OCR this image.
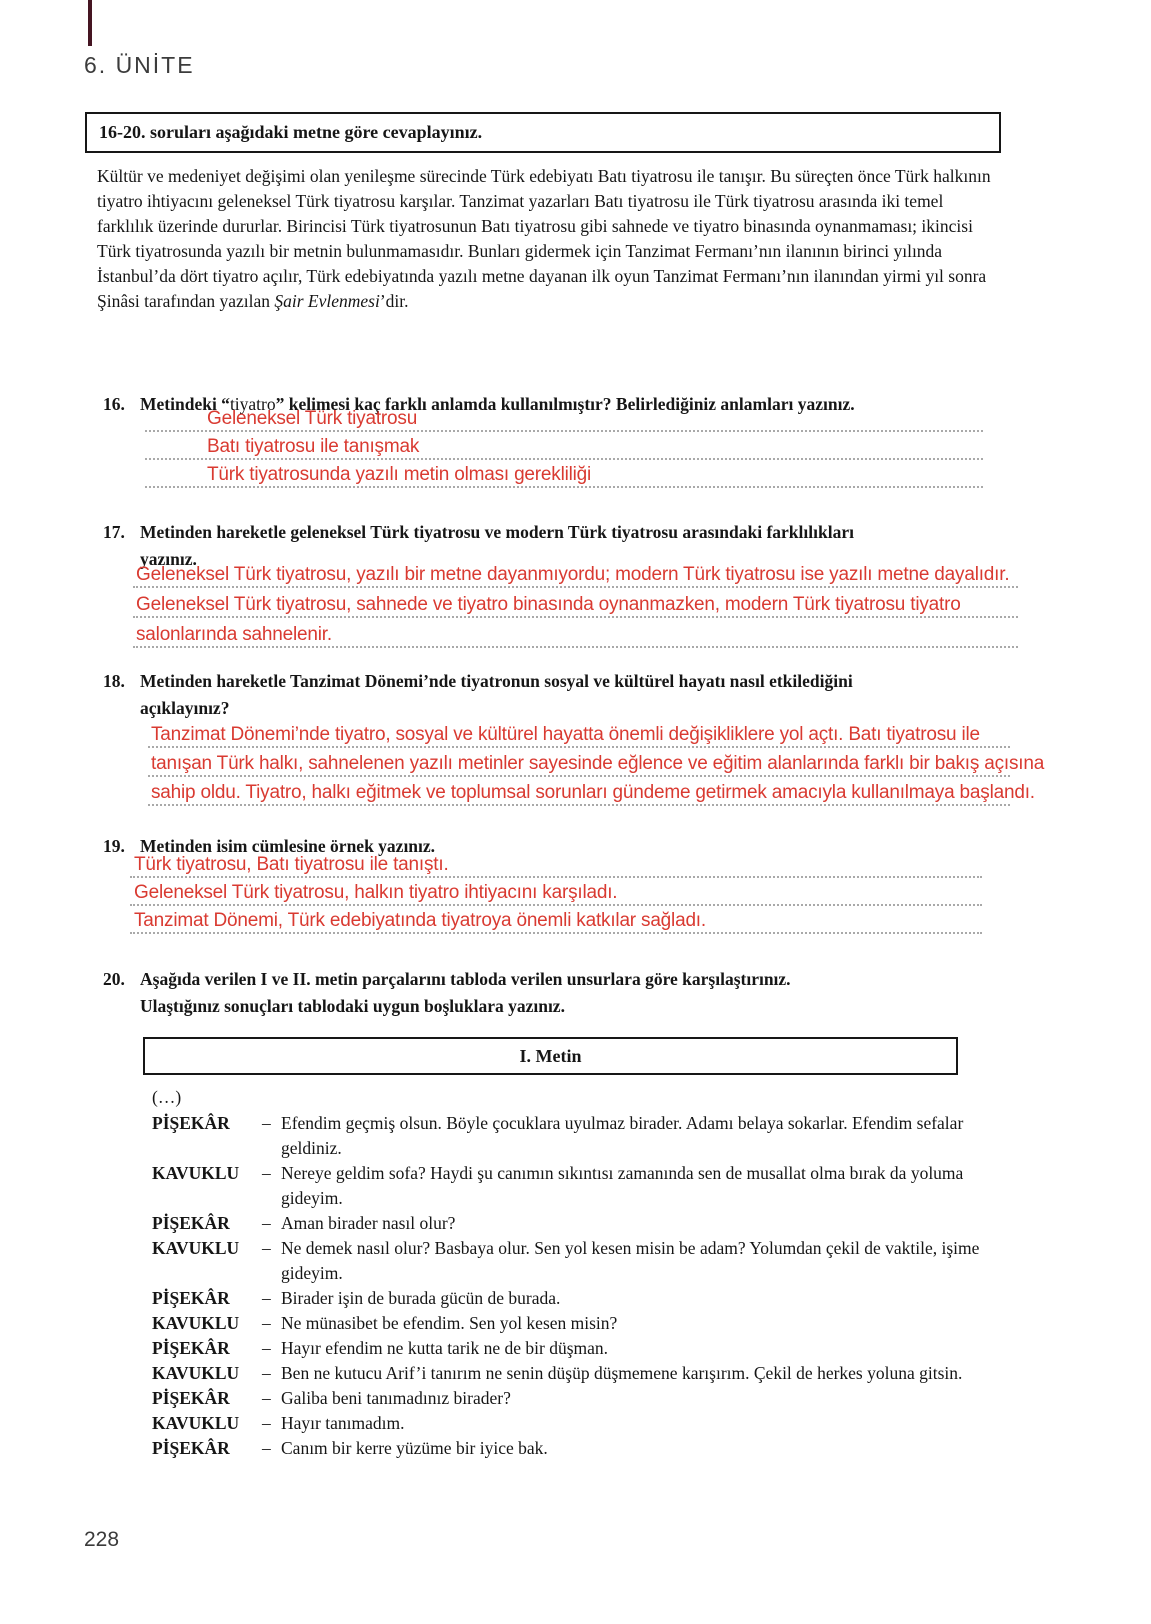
6. ÜNİTE
16-20. soruları aşağıdaki metne göre cevaplayınız.

Kültür ve medeniyet değişimi olan yenileşme sürecinde Türk edebiyatı Batı tiyatrosu ile tanışır. Bu süreçten önce Türk halkının tiyatro ihtiyacını geleneksel Türk tiyatrosu karşılar. Tanzimat yazarları Batı tiyatrosu ile Türk tiyatrosu arasında iki temel farklılık üzerinde dururlar. Birincisi Türk tiyatrosunun Batı tiyatrosu gibi sahnede ve tiyatro binasında oynanmaması; ikincisi Türk tiyatrosunda yazılı bir metnin bulunmamasıdır. Bunları gidermek için Tanzimat Fermanı’nın ilanının birinci yılında İstanbul’da dört tiyatro açılır, Türk edebiyatında yazılı metne dayanan ilk oyun Tanzimat Fermanı’nın ilanından yirmi yıl sonra Şinâsi tarafından yazılan Şair Evlenmesi’dir.

16. Metindeki “tiyatro” kelimesi kaç farklı anlamda kullanılmıştır? Belirlediğiniz anlamları yazınız.
Geleneksel Türk tiyatrosu
Batı tiyatrosu ile tanışmak
Türk tiyatrosunda yazılı metin olması gerekliliği
17. Metinden hareketle geleneksel Türk tiyatrosu ve modern Türk tiyatrosu arasındaki farklılıkları
yazınız.
Geleneksel Türk tiyatrosu, yazılı bir metne dayanmıyordu; modern Türk tiyatrosu ise yazılı metne dayalıdır.
Geleneksel Türk tiyatrosu, sahnede ve tiyatro binasında oynanmazken, modern Türk tiyatrosu tiyatro
salonlarında sahnelenir.
18. Metinden hareketle Tanzimat Dönemi’nde tiyatronun sosyal ve kültürel hayatı nasıl etkilediğini
açıklayınız?
Tanzimat Dönemi’nde tiyatro, sosyal ve kültürel hayatta önemli değişikliklere yol açtı. Batı tiyatrosu ile
tanışan Türk halkı, sahnelenen yazılı metinler sayesinde eğlence ve eğitim alanlarında farklı bir bakış açısına
sahip oldu. Tiyatro, halkı eğitmek ve toplumsal sorunları gündeme getirmek amacıyla kullanılmaya başlandı.
19. Metinden isim cümlesine örnek yazınız.
Türk tiyatrosu, Batı tiyatrosu ile tanıştı.
Geleneksel Türk tiyatrosu, halkın tiyatro ihtiyacını karşıladı.
Tanzimat Dönemi, Türk edebiyatında tiyatroya önemli katkılar sağladı.
20. Aşağıda verilen I ve II. metin parçalarını tabloda verilen unsurlara göre karşılaştırınız.
Ulaştığınız sonuçları tablodaki uygun boşluklara yazınız.
I. Metin
(…)
PİŞEKÂR	– Efendim geçmiş olsun. Böyle çocuklara uyulmaz birader. Adamı belaya sokarlar. Efendim sefalar geldiniz.
KAVUKLU	– Nereye geldim sofa? Haydi şu canımın sıkıntısı zamanında sen de musallat olma bırak da yoluma gideyim.
PİŞEKÂR	– Aman birader nasıl olur?
KAVUKLU	– Ne demek nasıl olur? Basbaya olur. Sen yol kesen misin be adam? Yolumdan çekil de vaktile, işime gideyim.
PİŞEKÂR	– Birader işin de burada gücün de burada.
KAVUKLU	– Ne münasibet be efendim. Sen yol kesen misin?
PİŞEKÂR	– Hayır efendim ne kutta tarik ne de bir düşman.
KAVUKLU	– Ben ne kutucu Arif’i tanırım ne senin düşüp düşmemene karışırım. Çekil de herkes yoluna gitsin.
PİŞEKÂR	– Galiba beni tanımadınız birader?
KAVUKLU	– Hayır tanımadım.
PİŞEKÂR	– Canım bir kerre yüzüme bir iyice bak.
228
